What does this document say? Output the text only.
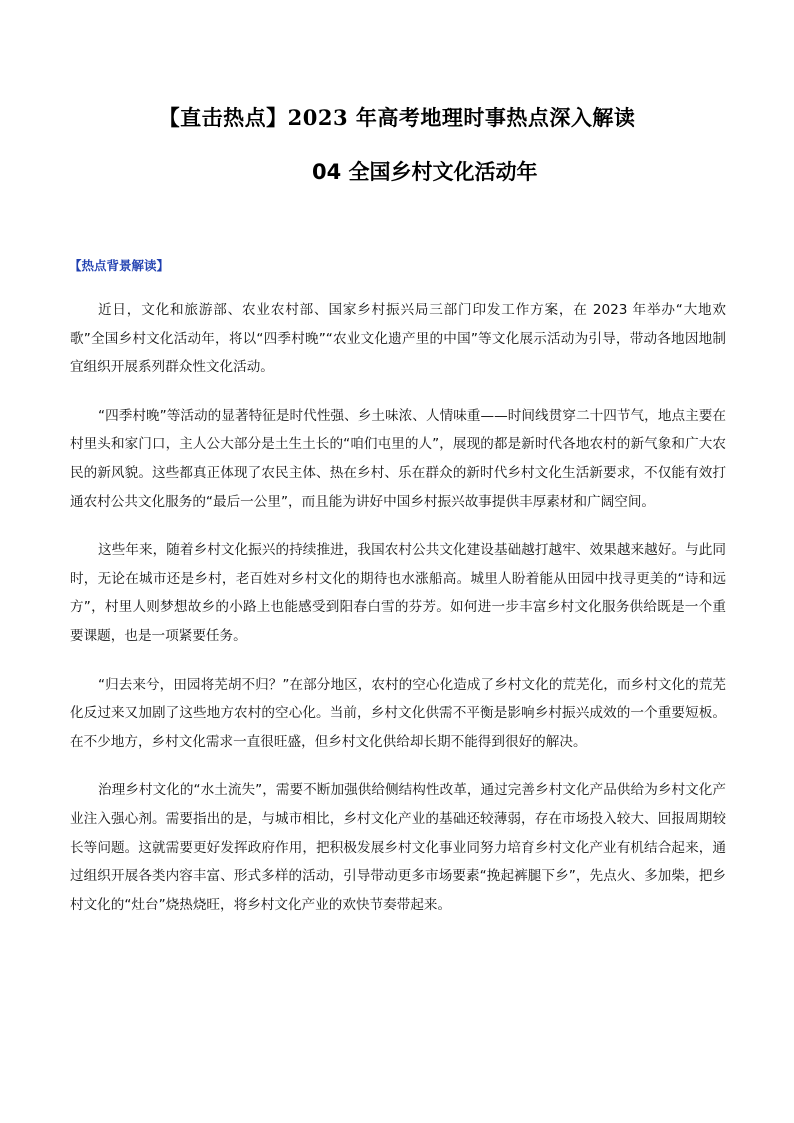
【直击热点】2023 年高考地理时事热点深入解读
04 全国乡村文化活动年
【热点背景解读】

近日，文化和旅游部、农业农村部、国家乡村振兴局三部门印发工作方案，在 2023 年举办“大地欢歌”全国乡村文化活动年，将以“四季村晚”“农业文化遗产里的中国”等文化展示活动为引导，带动各地因地制宜组织开展系列群众性文化活动。

“四季村晚”等活动的显著特征是时代性强、乡土味浓、人情味重——时间线贯穿二十四节气，地点主要在村里头和家门口，主人公大部分是土生土长的“咱们屯里的人”，展现的都是新时代各地农村的新气象和广大农民的新风貌。这些都真正体现了农民主体、热在乡村、乐在群众的新时代乡村文化生活新要求，不仅能有效打通农村公共文化服务的“最后一公里”，而且能为讲好中国乡村振兴故事提供丰厚素材和广阔空间。

这些年来，随着乡村文化振兴的持续推进，我国农村公共文化建设基础越打越牢、效果越来越好。与此同时，无论在城市还是乡村，老百姓对乡村文化的期待也水涨船高。城里人盼着能从田园中找寻更美的“诗和远方”，村里人则梦想故乡的小路上也能感受到阳春白雪的芬芳。如何进一步丰富乡村文化服务供给既是一个重要课题，也是一项紧要任务。

“归去来兮，田园将芜胡不归？”在部分地区，农村的空心化造成了乡村文化的荒芜化，而乡村文化的荒芜化反过来又加剧了这些地方农村的空心化。当前，乡村文化供需不平衡是影响乡村振兴成效的一个重要短板。在不少地方，乡村文化需求一直很旺盛，但乡村文化供给却长期不能得到很好的解决。

治理乡村文化的“水土流失”，需要不断加强供给侧结构性改革，通过完善乡村文化产品供给为乡村文化产业注入强心剂。需要指出的是，与城市相比，乡村文化产业的基础还较薄弱，存在市场投入较大、回报周期较长等问题。这就需要更好发挥政府作用，把积极发展乡村文化事业同努力培育乡村文化产业有机结合起来，通过组织开展各类内容丰富、形式多样的活动，引导带动更多市场要素“挽起裤腿下乡”，先点火、多加柴，把乡村文化的“灶台”烧热烧旺，将乡村文化产业的欢快节奏带起来。
